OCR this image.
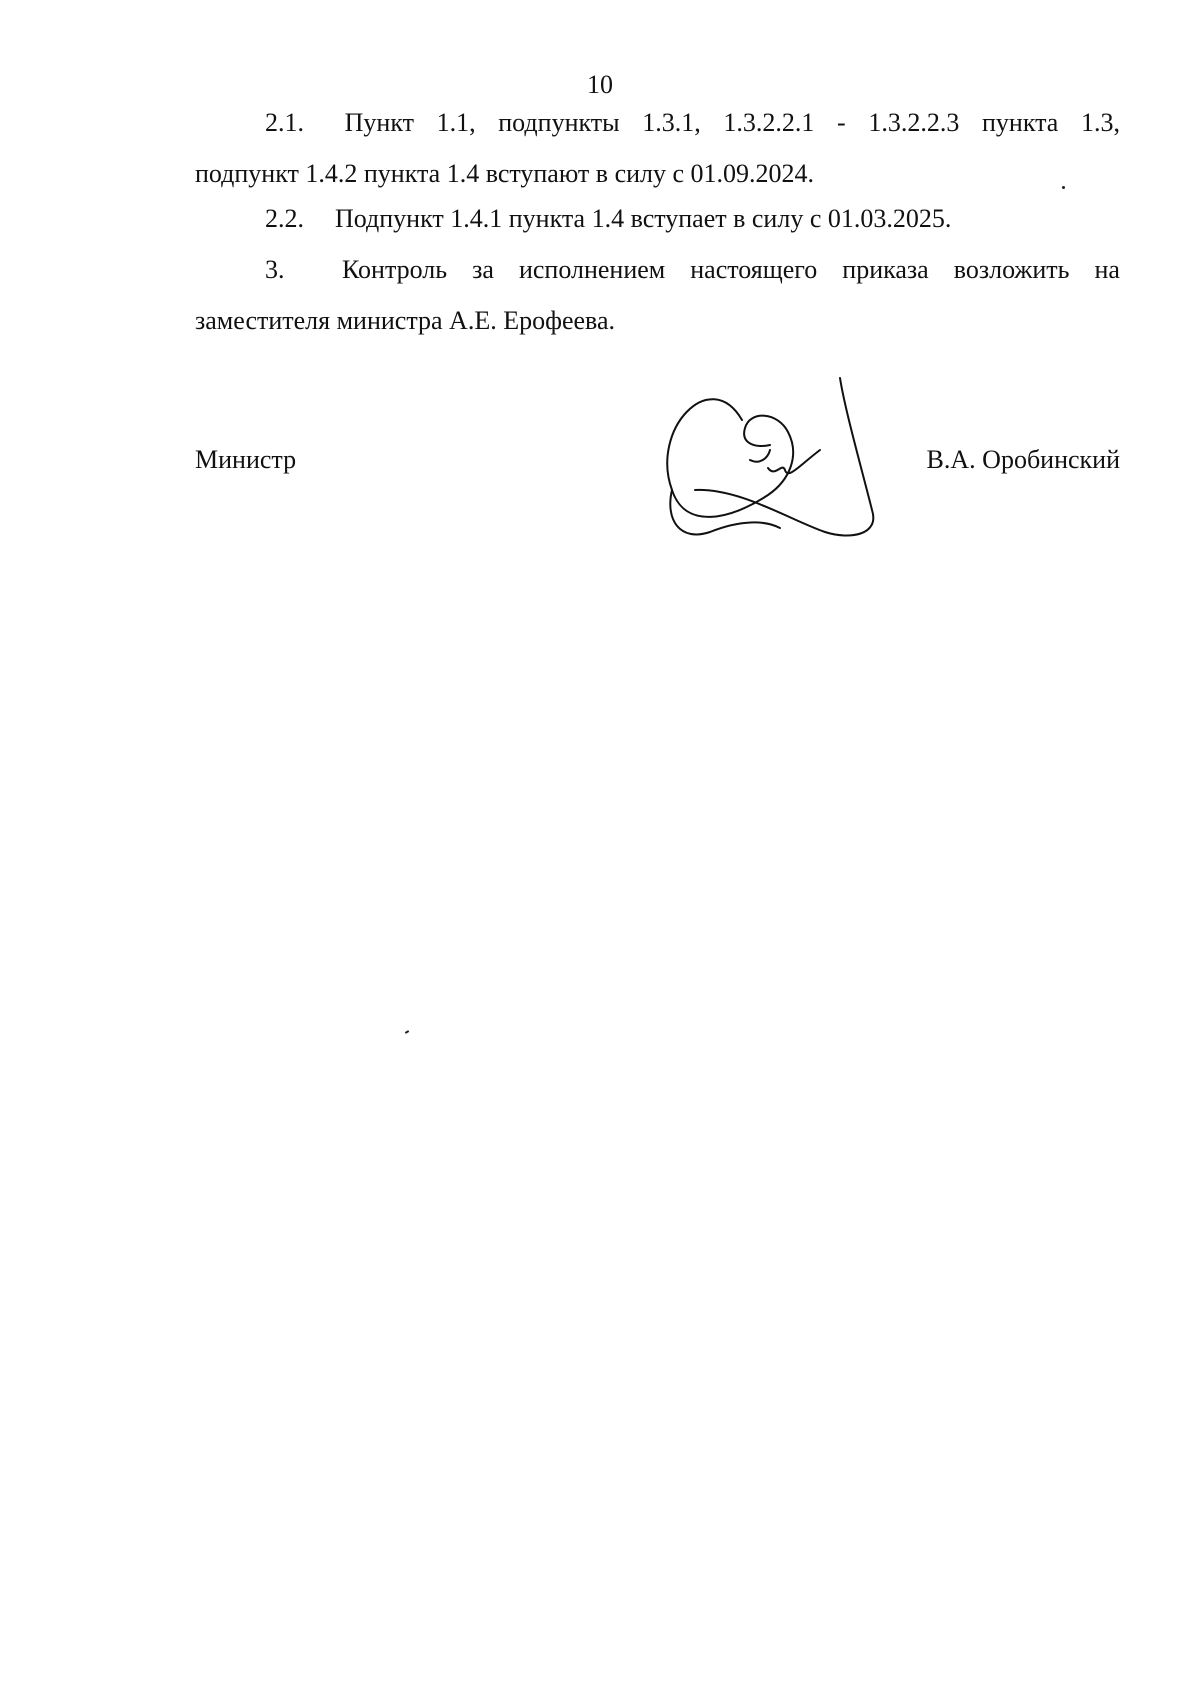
10
2.1. Пункт 1.1, подпункты 1.3.1, 1.3.2.2.1 - 1.3.2.2.3 пункта 1.3,
подпункт 1.4.2 пункта 1.4 вступают в силу с 01.09.2024.
2.2. Подпункт 1.4.1 пункта 1.4 вступает в силу с 01.03.2025.
3.	Контроль за исполнением настоящего приказа возложить на
заместителя министра А.Е. Ерофеева.
Министр	В.А. Оробинский
